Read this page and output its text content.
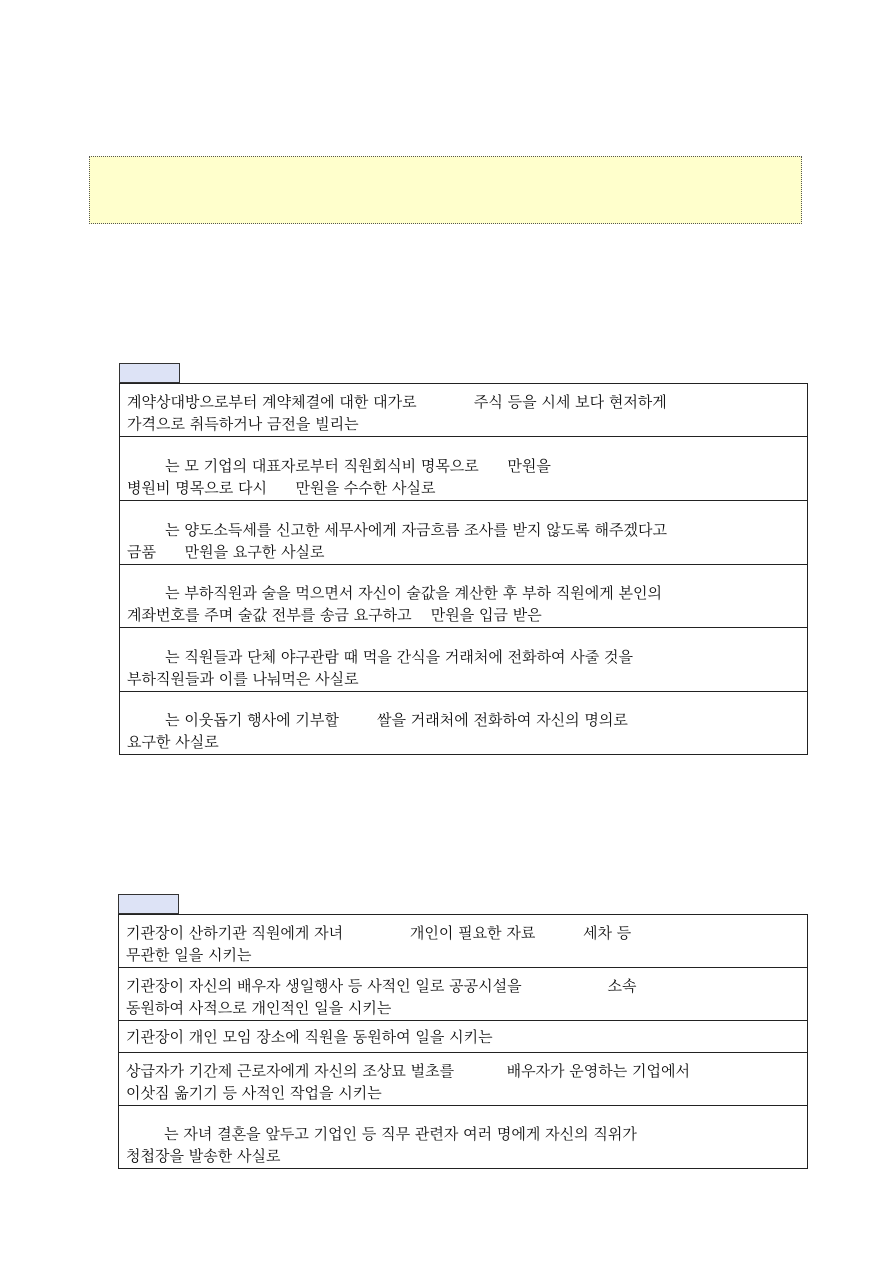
계약상대방으로부터 계약체결에 대한 대가로            주식 등을 시세 보다 현저하게
가격으로 취득하거나 금전을 빌리는

는 모 기업의 대표자로부터 직원회식비 명목으로      만원을
병원비 명목으로 다시      만원을 수수한 사실로

는 양도소득세를 신고한 세무사에게 자금흐름 조사를 받지 않도록 해주겠다고
금품      만원을 요구한 사실로

는 부하직원과 술을 먹으면서 자신이 술값을 계산한 후 부하 직원에게 본인의
계좌번호를 주며 술값 전부를 송금 요구하고    만원을 입금 받은

는 직원들과 단체 야구관람 때 먹을 간식을 거래처에 전화하여 사줄 것을
부하직원들과 이를 나눠먹은 사실로

는 이웃돕기 행사에 기부할        쌀을 거래처에 전화하여 자신의 명의로
요구한 사실로
기관장이 산하기관 직원에게 자녀              개인이 필요한 자료          세차 등
무관한 일을 시키는

기관장이 자신의 배우자 생일행사 등 사적인 일로 공공시설을                  소속
동원하여 사적으로 개인적인 일을 시키는

기관장이 개인 모임 장소에 직원을 동원하여 일을 시키는

상급자가 기간제 근로자에게 자신의 조상묘 벌초를           배우자가 운영하는 기업에서
이삿짐 옮기기 등 사적인 작업을 시키는

는 자녀 결혼을 앞두고 기업인 등 직무 관련자 여러 명에게 자신의 직위가
청첩장을 발송한 사실로
